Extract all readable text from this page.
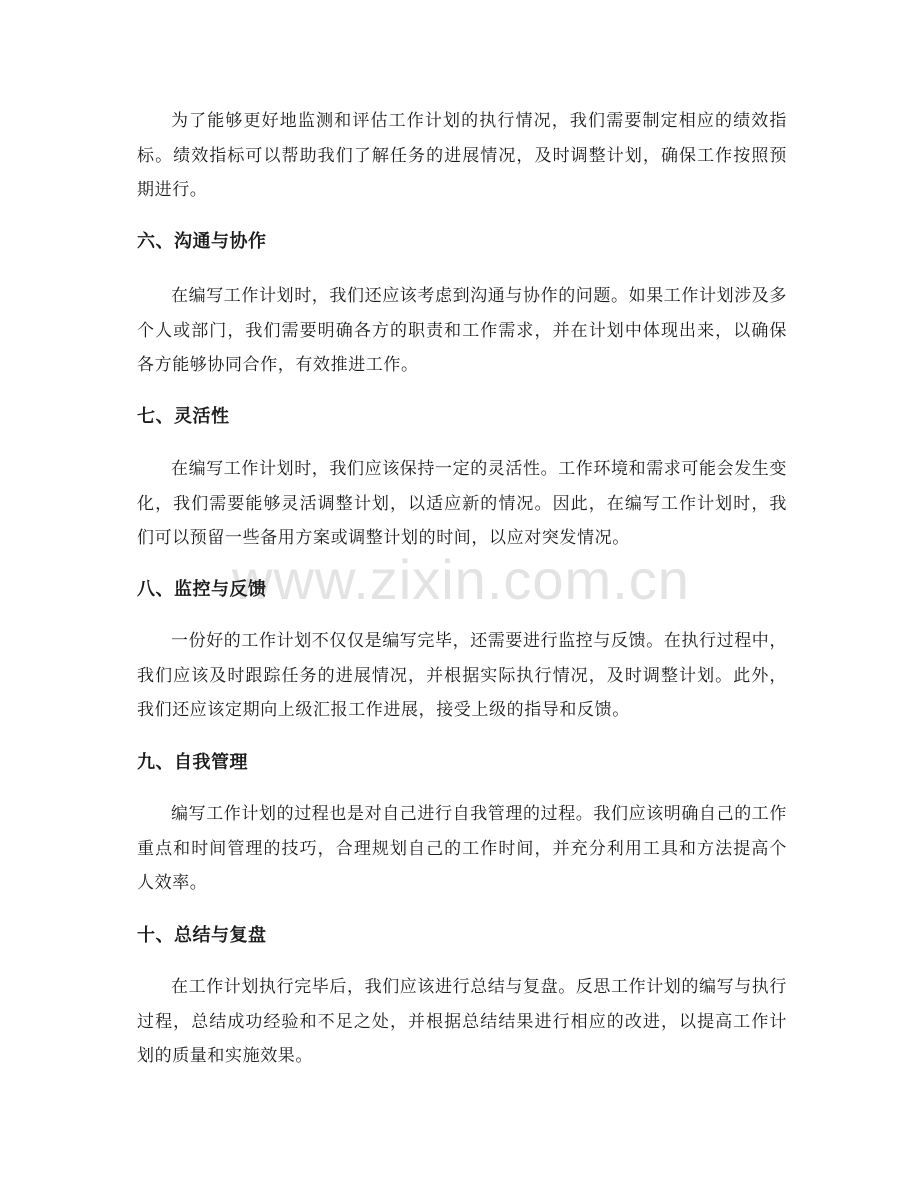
www.zixin.com.cn

为了能够更好地监测和评估工作计划的执行情况，我们需要制定相应的绩效指标。绩效指标可以帮助我们了解任务的进展情况，及时调整计划，确保工作按照预期进行。

六、沟通与协作

在编写工作计划时，我们还应该考虑到沟通与协作的问题。如果工作计划涉及多个人或部门，我们需要明确各方的职责和工作需求，并在计划中体现出来，以确保各方能够协同合作，有效推进工作。

七、灵活性

在编写工作计划时，我们应该保持一定的灵活性。工作环境和需求可能会发生变化，我们需要能够灵活调整计划，以适应新的情况。因此，在编写工作计划时，我们可以预留一些备用方案或调整计划的时间，以应对突发情况。

八、监控与反馈

一份好的工作计划不仅仅是编写完毕，还需要进行监控与反馈。在执行过程中，我们应该及时跟踪任务的进展情况，并根据实际执行情况，及时调整计划。此外，我们还应该定期向上级汇报工作进展，接受上级的指导和反馈。

九、自我管理

编写工作计划的过程也是对自己进行自我管理的过程。我们应该明确自己的工作重点和时间管理的技巧，合理规划自己的工作时间，并充分利用工具和方法提高个人效率。

十、总结与复盘

在工作计划执行完毕后，我们应该进行总结与复盘。反思工作计划的编写与执行过程，总结成功经验和不足之处，并根据总结结果进行相应的改进，以提高工作计划的质量和实施效果。
